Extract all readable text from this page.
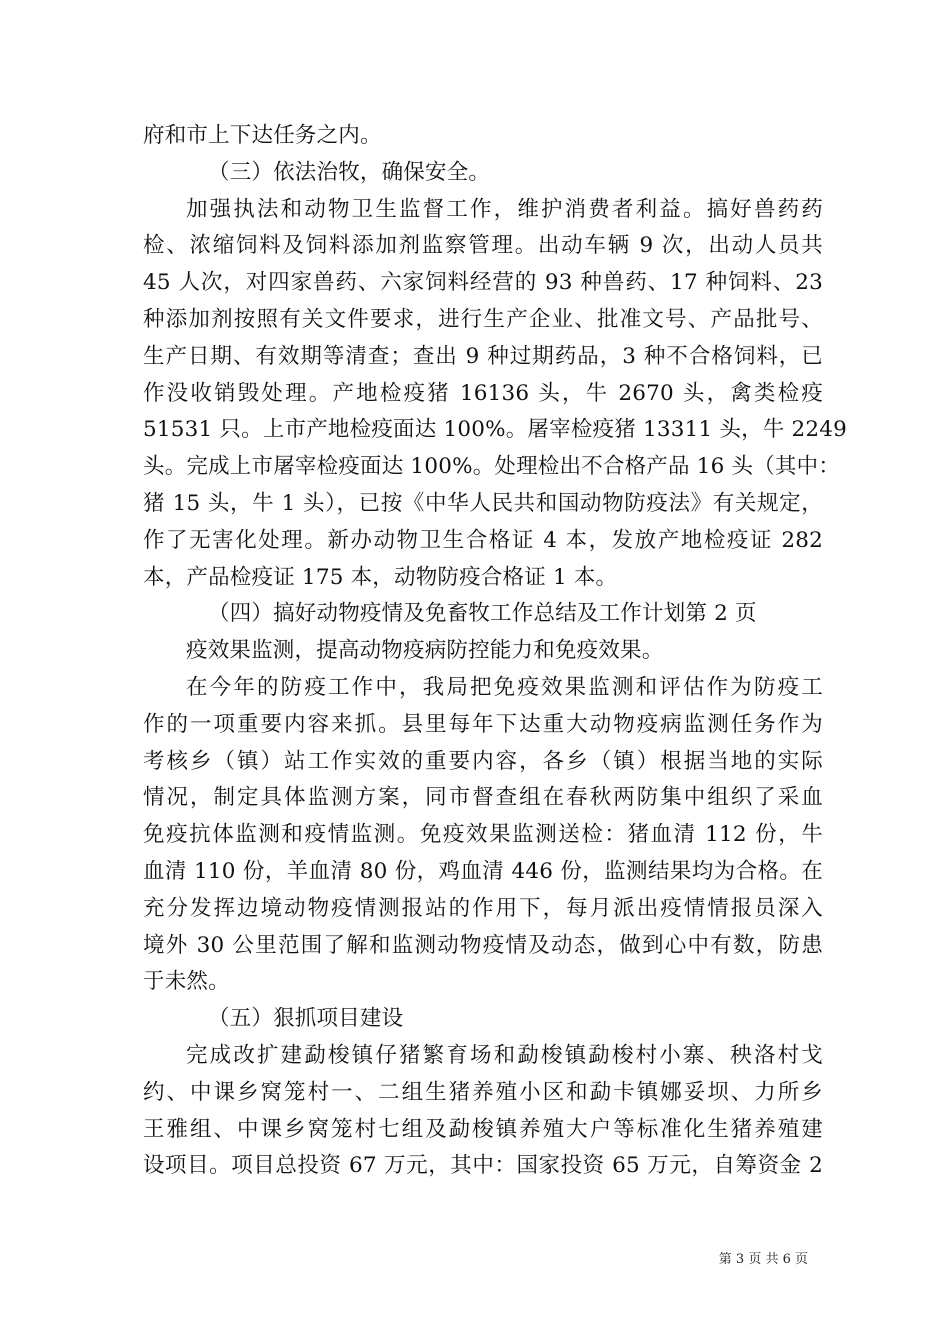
府和市上下达任务之内。
（三）依法治牧，确保安全。
加强执法和动物卫生监督工作，维护消费者利益。搞好兽药药
检、浓缩饲料及饲料添加剂监察管理。出动车辆 9 次，出动人员共
45 人次，对四家兽药、六家饲料经营的 93 种兽药、17 种饲料、23
种添加剂按照有关文件要求，进行生产企业、批准文号、产品批号、
生产日期、有效期等清查；查出 9 种过期药品，3 种不合格饲料，已
作没收销毁处理。产地检疫猪 16136 头，牛 2670 头，禽类检疫
51531 只。上市产地检疫面达 100%。屠宰检疫猪 13311 头，牛 2249
头。完成上市屠宰检疫面达 100%。处理检出不合格产品 16 头（其中：
猪 15 头，牛 1 头），已按《中华人民共和国动物防疫法》有关规定，
作了无害化处理。新办动物卫生合格证 4 本，发放产地检疫证 282
本，产品检疫证 175 本，动物防疫合格证 1 本。
（四）搞好动物疫情及免畜牧工作总结及工作计划第 2 页
疫效果监测，提高动物疫病防控能力和免疫效果。
在今年的防疫工作中，我局把免疫效果监测和评估作为防疫工
作的一项重要内容来抓。县里每年下达重大动物疫病监测任务作为
考核乡（镇）站工作实效的重要内容，各乡（镇）根据当地的实际
情况，制定具体监测方案，同市督查组在春秋两防集中组织了采血
免疫抗体监测和疫情监测。免疫效果监测送检：猪血清 112 份，牛
血清 110 份，羊血清 80 份，鸡血清 446 份，监测结果均为合格。在
充分发挥边境动物疫情测报站的作用下，每月派出疫情情报员深入
境外 30 公里范围了解和监测动物疫情及动态，做到心中有数，防患
于未然。
（五）狠抓项目建设
完成改扩建勐梭镇仔猪繁育场和勐梭镇勐梭村小寨、秧洛村戈
约、中课乡窝笼村一、二组生猪养殖小区和勐卡镇娜妥坝、力所乡
王雅组、中课乡窝笼村七组及勐梭镇养殖大户等标准化生猪养殖建
设项目。项目总投资 67 万元，其中：国家投资 65 万元，自筹资金 2
第 3 页 共 6 页
